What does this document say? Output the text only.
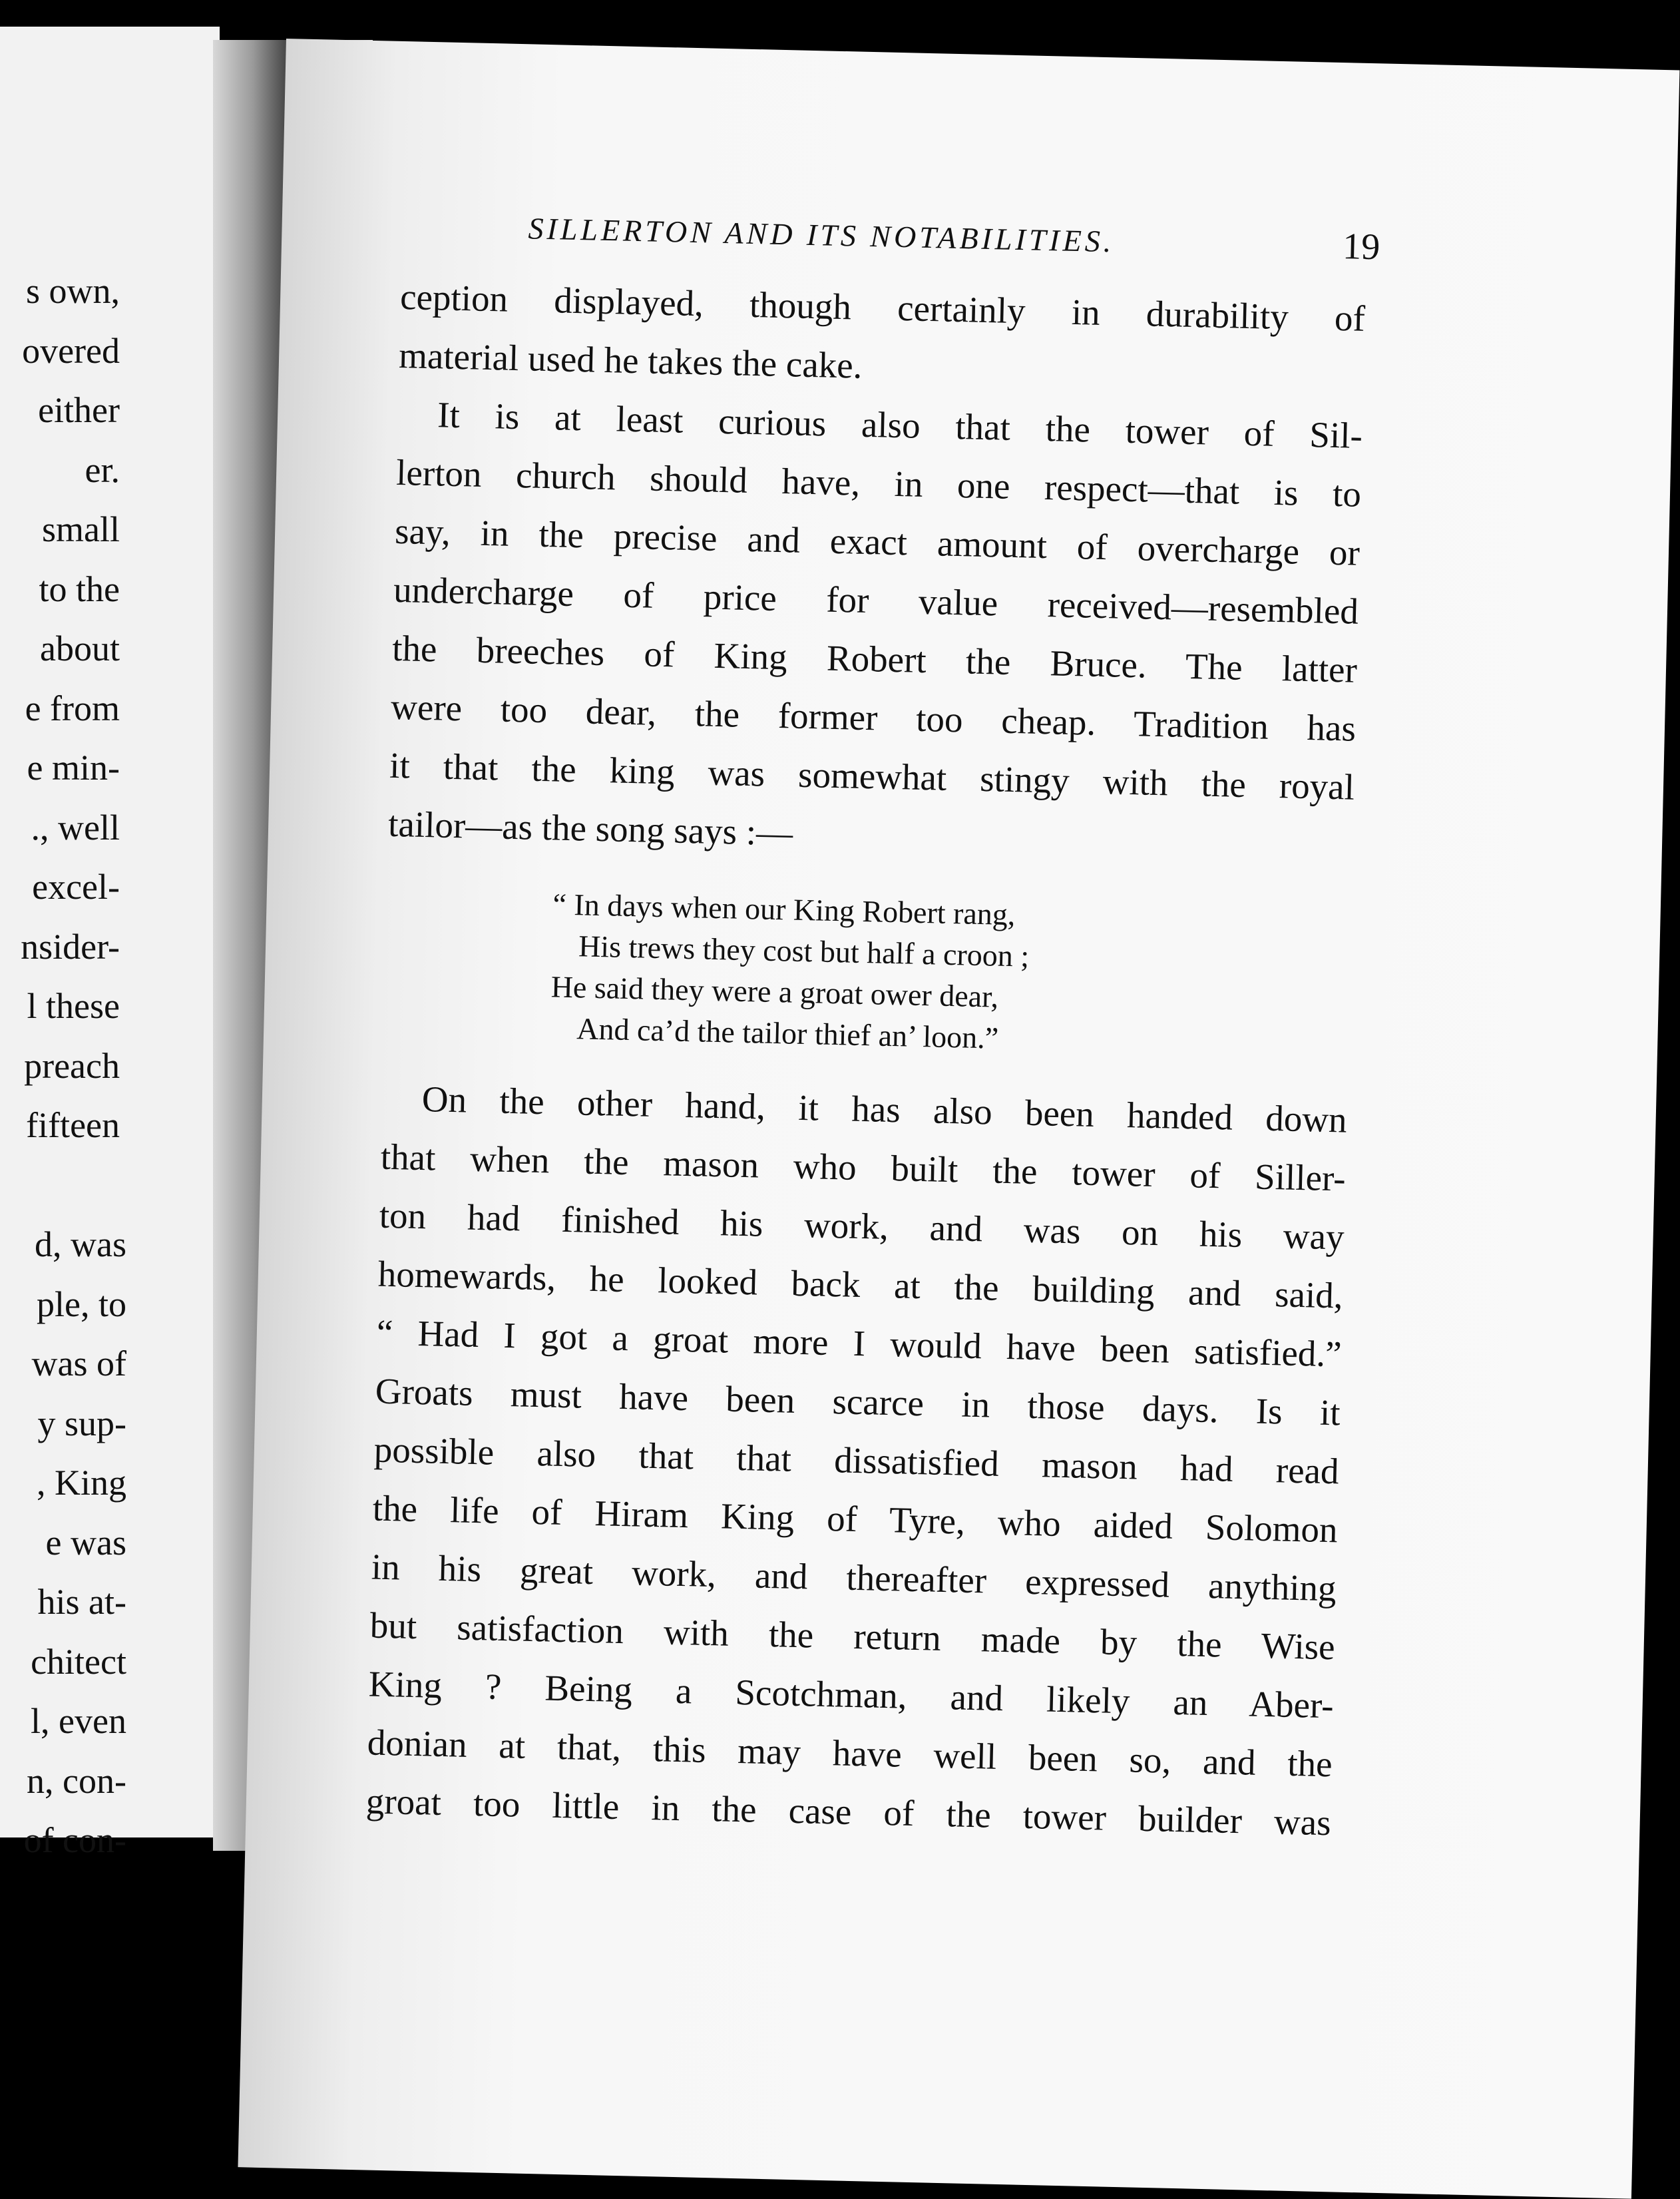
s own,
overed
either
er.
small
to the
about
e from
e min-
., well
excel-
nsider-
l these
preach
fifteen
d, was
ple, to
was of
y sup-
, King
e was
his at-
chitect
l, even
n, con-
of con-
SILLERTON AND ITS NOTABILITIES.	19

ception displayed, though certainly in durability of
material used he takes the cake.

It is at least curious also that the tower of Sil-
lerton church should have, in one respect—that is to
say, in the precise and exact amount of overcharge or
undercharge of price for value received—resembled
the breeches of King Robert the Bruce. The latter
were too dear, the former too cheap. Tradition has
it that the king was somewhat stingy with the royal
tailor—as the song says :—

“ In days when our King Robert rang,
His trews they cost but half a croon ;
He said they were a groat ower dear,
And ca’d the tailor thief an’ loon.”

On the other hand, it has also been handed down
that when the mason who built the tower of Siller-
ton had finished his work, and was on his way
homewards, he looked back at the building and said,
“ Had I got a groat more I would have been satisfied.”
Groats must have been scarce in those days. Is it
possible also that that dissatisfied mason had read
the life of Hiram King of Tyre, who aided Solomon
in his great work, and thereafter expressed anything
but satisfaction with the return made by the Wise
King ? Being a Scotchman, and likely an Aber-
donian at that, this may have well been so, and the
groat too little in the case of the tower builder was
